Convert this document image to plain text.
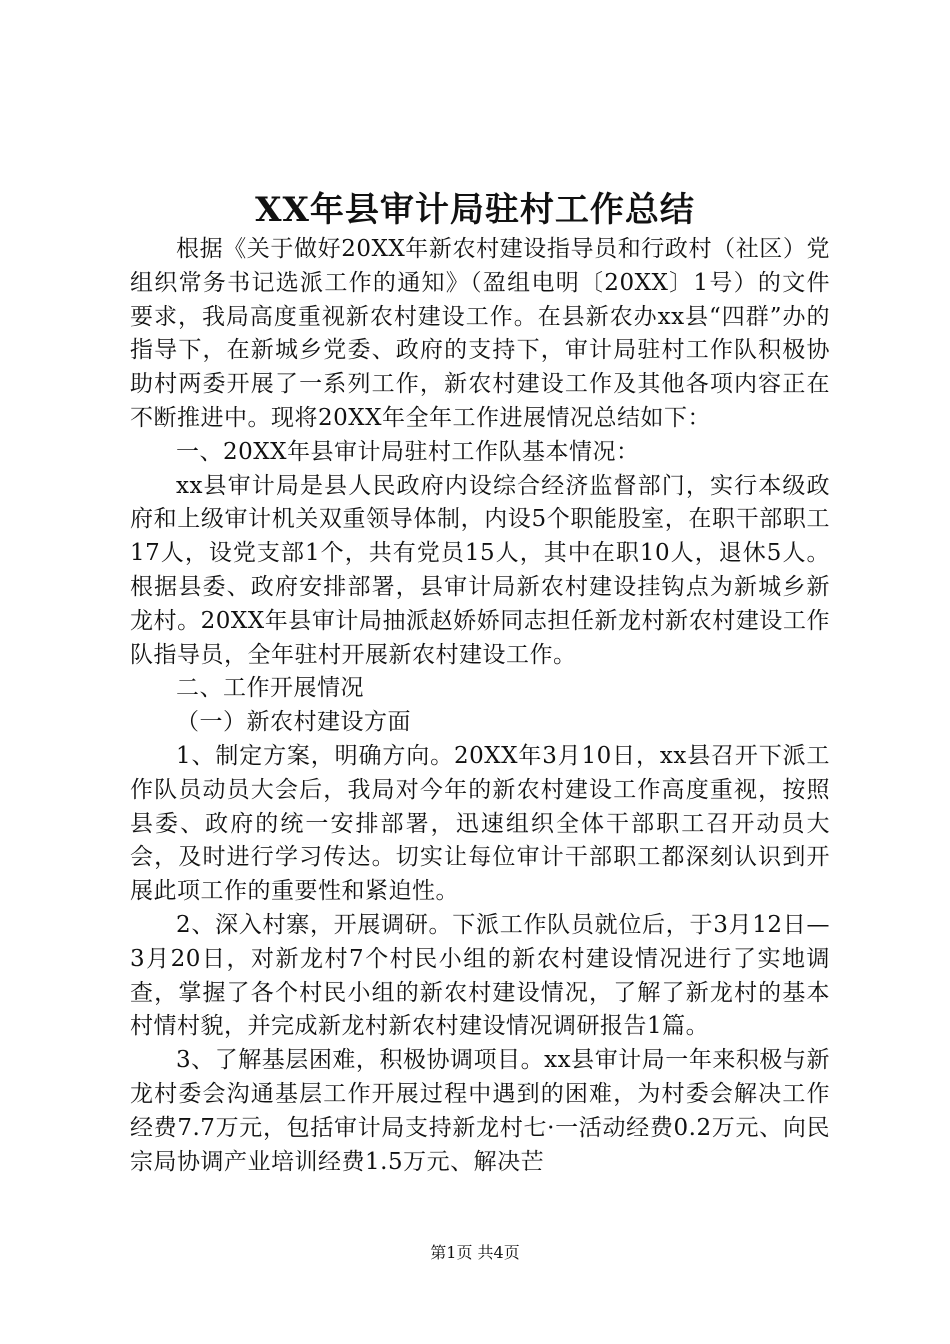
XX年县审计局驻村工作总结

根据《关于做好20XX年新农村建设指导员和行政村（社区）党组织常务书记选派工作的通知》（盈组电明〔20XX〕1号）的文件要求，我局高度重视新农村建设工作。在县新农办xx县“四群”办的指导下，在新城乡党委、政府的支持下，审计局驻村工作队积极协助村两委开展了一系列工作，新农村建设工作及其他各项内容正在不断推进中。现将20XX年全年工作进展情况总结如下：

一、20XX年县审计局驻村工作队基本情况：

xx县审计局是县人民政府内设综合经济监督部门，实行本级政府和上级审计机关双重领导体制，内设5个职能股室，在职干部职工17人，设党支部1个，共有党员15人，其中在职10人，退休5人。根据县委、政府安排部署，县审计局新农村建设挂钩点为新城乡新龙村。20XX年县审计局抽派赵娇娇同志担任新龙村新农村建设工作队指导员，全年驻村开展新农村建设工作。

二、工作开展情况

（一）新农村建设方面

1、制定方案，明确方向。20XX年3月10日，xx县召开下派工作队员动员大会后，我局对今年的新农村建设工作高度重视，按照县委、政府的统一安排部署，迅速组织全体干部职工召开动员大会，及时进行学习传达。切实让每位审计干部职工都深刻认识到开展此项工作的重要性和紧迫性。

2、深入村寨，开展调研。下派工作队员就位后，于3月12日—3月20日，对新龙村7个村民小组的新农村建设情况进行了实地调查，掌握了各个村民小组的新农村建设情况，了解了新龙村的基本村情村貌，并完成新龙村新农村建设情况调研报告1篇。

3、了解基层困难，积极协调项目。xx县审计局一年来积极与新龙村委会沟通基层工作开展过程中遇到的困难，为村委会解决工作经费7.7万元，包括审计局支持新龙村七·一活动经费0.2万元、向民宗局协调产业培训经费1.5万元、解决芒

第1页 共4页
